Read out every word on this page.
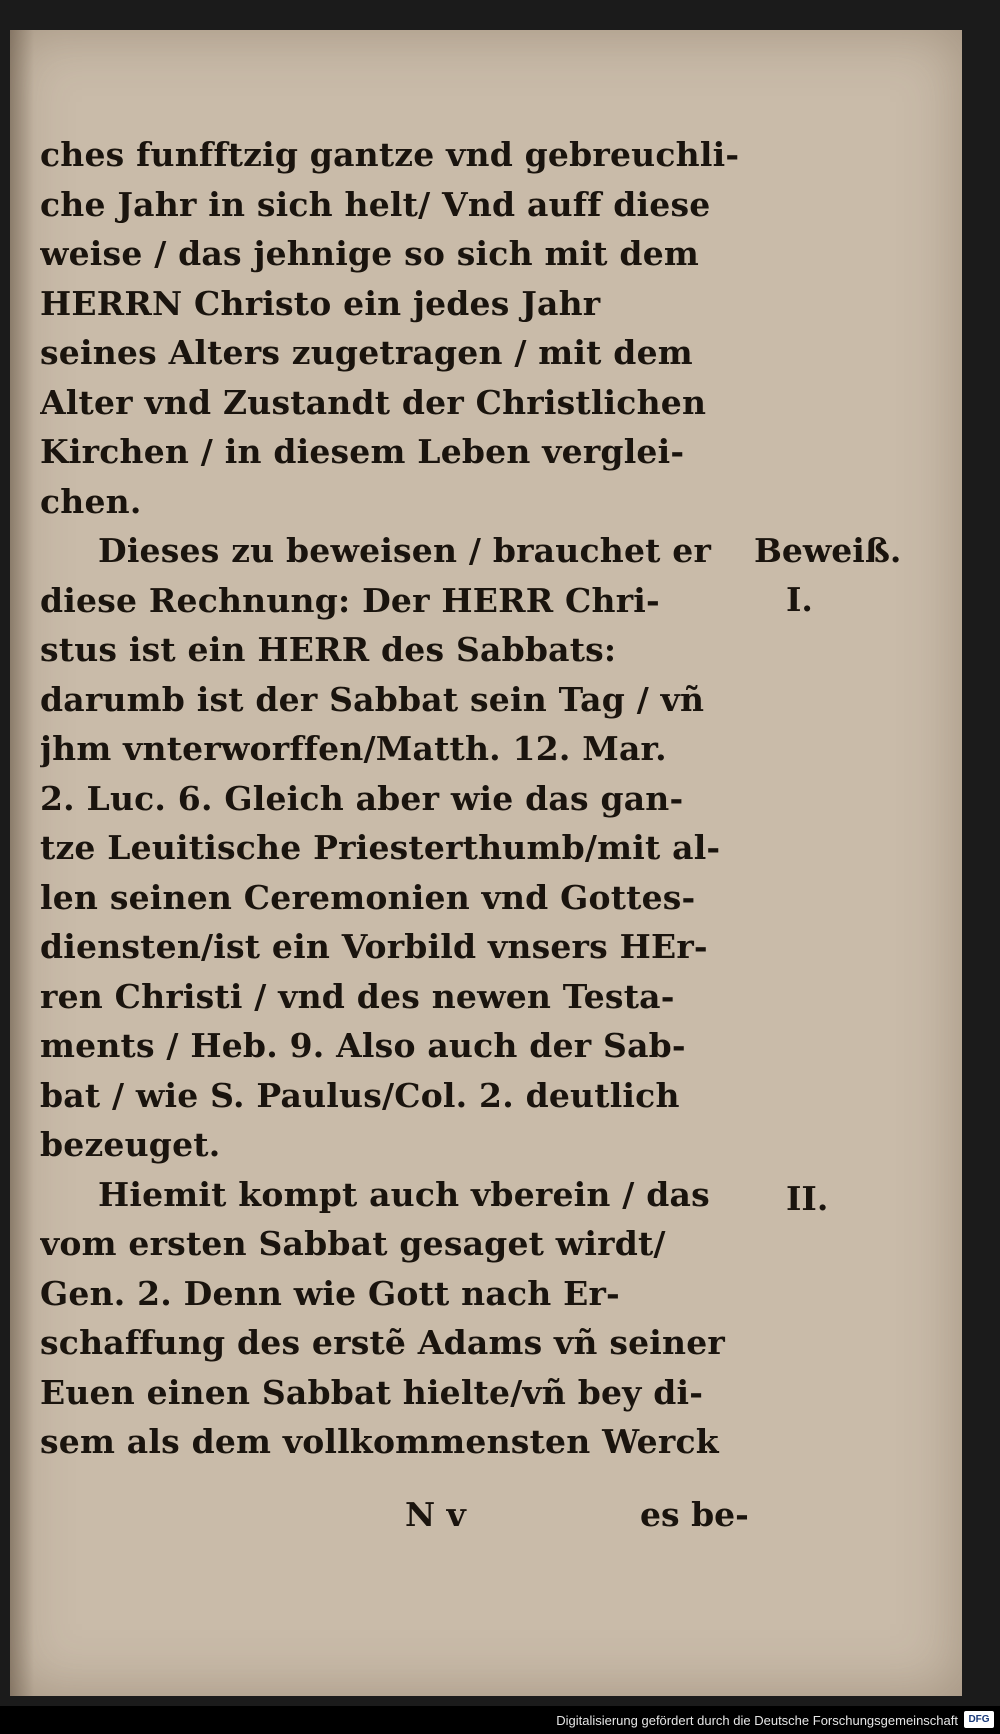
ches funfftzig gantze vnd gebreuchli-
che Jahr in sich helt/ Vnd auff diese
weise / das jehnige so sich mit dem
HERRN Christo ein jedes Jahr
seines Alters zugetragen / mit dem
Alter vnd Zustandt der Christlichen
Kirchen / in diesem Leben verglei-
chen.
Dieses zu beweisen / brauchet er
diese Rechnung: Der HERR Chri-
stus ist ein HERR des Sabbats:
darumb ist der Sabbat sein Tag / vñ
jhm vnterworffen/Matth. 12. Mar.
2. Luc. 6. Gleich aber wie das gan-
tze Leuitische Priesterthumb/mit al-
len seinen Ceremonien vnd Gottes-
diensten/ist ein Vorbild vnsers HEr-
ren Christi / vnd des newen Testa-
ments / Heb. 9. Also auch der Sab-
bat / wie S. Paulus/Col. 2. deutlich
bezeuget.
Hiemit kompt auch vberein / das
vom ersten Sabbat gesaget wirdt/
Gen. 2. Denn wie Gott nach Er-
schaffung des erstẽ Adams vñ seiner
Euen einen Sabbat hielte/vñ bey di-
sem als dem vollkommensten Werck
Beweiß.
I.
II.
N v	es be-
Digitalisierung gefördert durch die Deutsche Forschungsgemeinschaft	DFG
